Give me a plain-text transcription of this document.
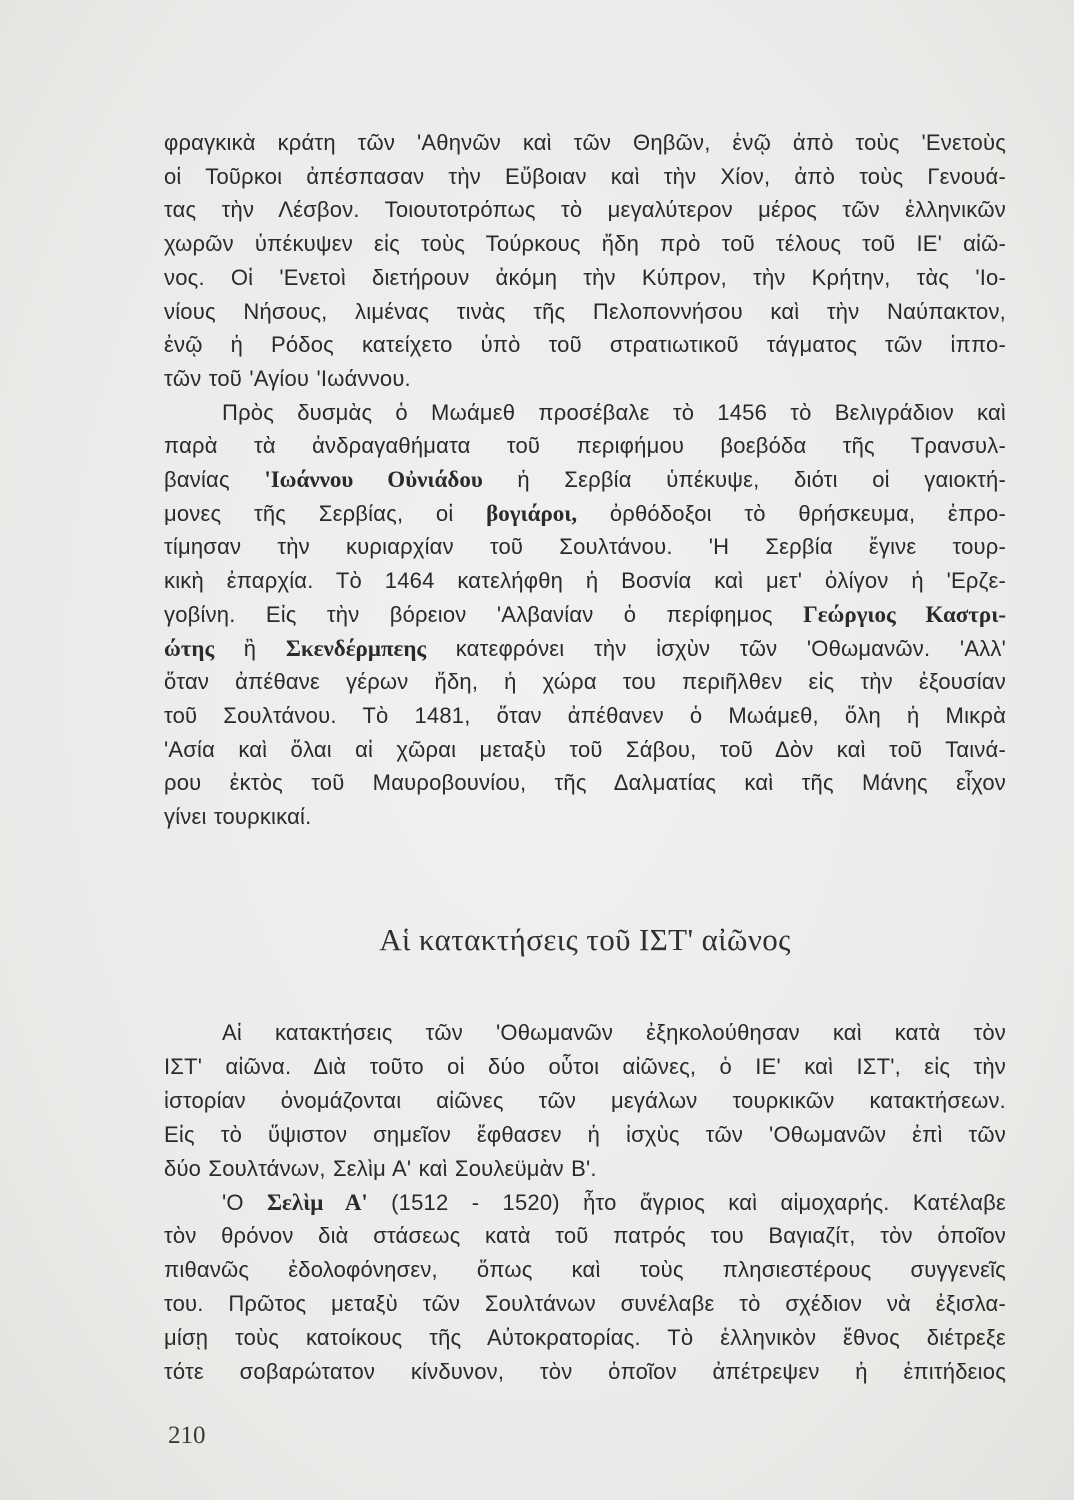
φραγκικὰ κράτη τῶν 'Αθηνῶν καὶ τῶν Θηβῶν, ἐνῷ ἀπὸ τοὺς 'Ενετοὺς
οἱ Τοῦρκοι ἀπέσπασαν τὴν Εὔβοιαν καὶ τὴν Χίον, ἀπὸ τοὺς Γενουά-
τας τὴν Λέσβον. Τοιουτοτρόπως τὸ μεγαλύτερον μέρος τῶν ἑλληνικῶν
χωρῶν ὑπέκυψεν εἰς τοὺς Τούρκους ἤδη πρὸ τοῦ τέλους τοῦ ΙΕ' αἰῶ-
νος. Οἱ 'Ενετοὶ διετήρουν ἀκόμη τὴν Κύπρον, τὴν Κρήτην, τὰς 'Ιο-
νίους Νήσους, λιμένας τινὰς τῆς Πελοποννήσου καὶ τὴν Ναύπακτον,
ἐνῷ ἡ Ρόδος κατείχετο ὑπὸ τοῦ στρατιωτικοῦ τάγματος τῶν ἱππο-
τῶν τοῦ 'Αγίου 'Ιωάννου.
Πρὸς δυσμὰς ὁ Μωάμεθ προσέβαλε τὸ 1456 τὸ Βελιγράδιον καὶ
παρὰ τὰ ἀνδραγαθήματα τοῦ περιφήμου βοεβόδα τῆς Τρανσυλ-
βανίας 'Ιωάννου Οὐνιάδου ἡ Σερβία ὑπέκυψε, διότι οἱ γαιοκτή-
μονες τῆς Σερβίας, οἱ βογιάροι, ὀρθόδοξοι τὸ θρήσκευμα, ἐπρο-
τίμησαν τὴν κυριαρχίαν τοῦ Σουλτάνου. 'Η Σερβία ἔγινε τουρ-
κικὴ ἐπαρχία. Τὸ 1464 κατελήφθη ἡ Βοσνία καὶ μετ' ὀλίγον ἡ 'Ερζε-
γοβίνη. Εἰς τὴν βόρειον 'Αλβανίαν ὁ περίφημος Γεώργιος Καστρι-
ώτης ἢ Σκενδέρμπεης κατεφρόνει τὴν ἰσχὺν τῶν 'Οθωμανῶν. 'Αλλ'
ὅταν ἀπέθανε γέρων ἤδη, ἡ χώρα του περιῆλθεν εἰς τὴν ἐξουσίαν
τοῦ Σουλτάνου. Τὸ 1481, ὅταν ἀπέθανεν ὁ Μωάμεθ, ὅλη ἡ Μικρὰ
'Ασία καὶ ὅλαι αἱ χῶραι μεταξὺ τοῦ Σάβου, τοῦ Δὸν καὶ τοῦ Ταινά-
ρου ἐκτὸς τοῦ Μαυροβουνίου, τῆς Δαλματίας καὶ τῆς Μάνης εἶχον
γίνει τουρκικαί.
Αἱ κατακτήσεις τοῦ ΙΣΤ' αἰῶνος
Αἱ κατακτήσεις τῶν 'Οθωμανῶν ἐξηκολούθησαν καὶ κατὰ τὸν
ΙΣΤ' αἰῶνα. Διὰ τοῦτο οἱ δύο οὗτοι αἰῶνες, ὁ ΙΕ' καὶ ΙΣΤ', εἰς τὴν
ἱστορίαν ὀνομάζονται αἰῶνες τῶν μεγάλων τουρκικῶν κατακτήσεων.
Εἰς τὸ ὕψιστον σημεῖον ἔφθασεν ἡ ἰσχὺς τῶν 'Οθωμανῶν ἐπὶ τῶν
δύο Σουλτάνων, Σελὶμ Α' καὶ Σουλεϋμὰν Β'.
'Ο Σελὶμ Α' (1512 - 1520) ἦτο ἄγριος καὶ αἱμοχαρής. Κατέλαβε
τὸν θρόνον διὰ στάσεως κατὰ τοῦ πατρός του Βαγιαζίτ, τὸν ὁποῖον
πιθανῶς ἐδολοφόνησεν, ὅπως καὶ τοὺς πλησιεστέρους συγγενεῖς
του. Πρῶτος μεταξὺ τῶν Σουλτάνων συνέλαβε τὸ σχέδιον νὰ ἐξισλα-
μίσῃ τοὺς κατοίκους τῆς Αὐτοκρατορίας. Τὸ ἑλληνικὸν ἔθνος διέτρεξε
τότε σοβαρώτατον κίνδυνον, τὸν ὁποῖον ἀπέτρεψεν ἡ ἐπιτήδειος
210
